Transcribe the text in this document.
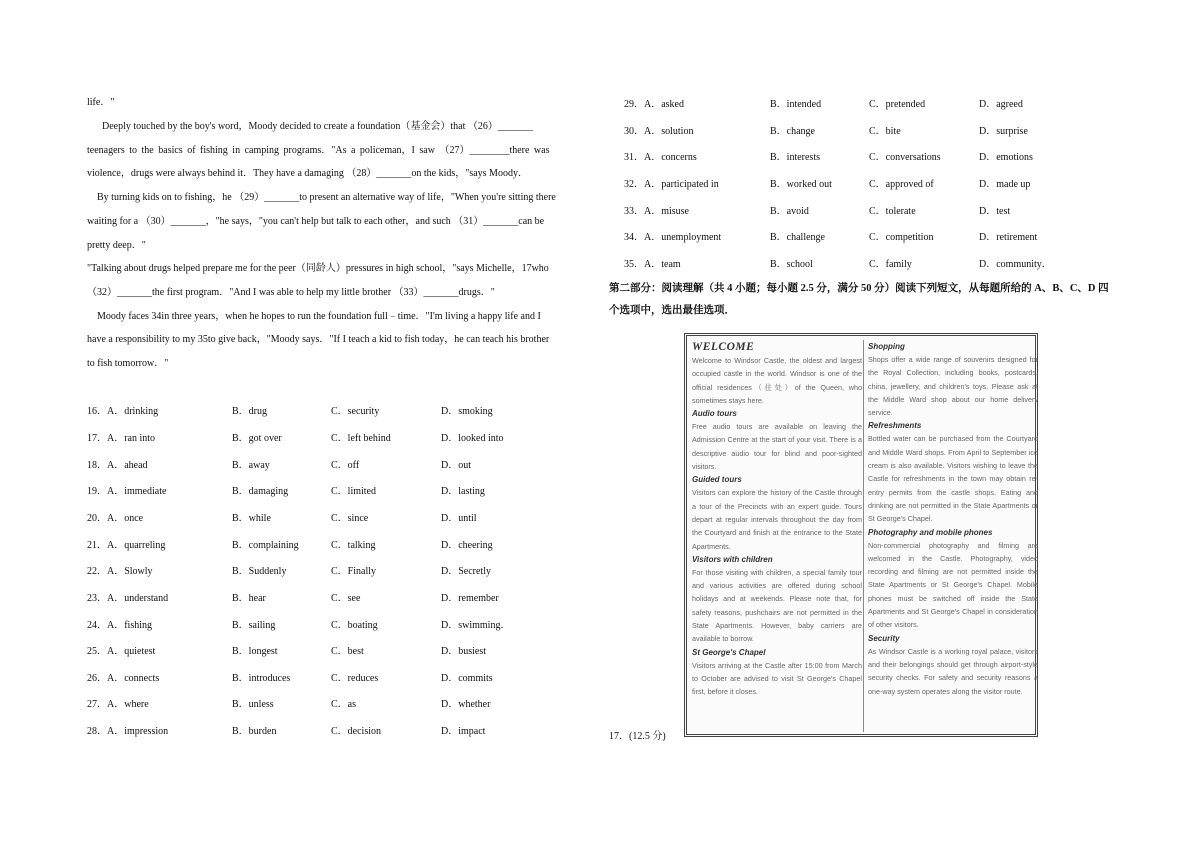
life．"
Deeply touched by the boy's word，Moody decided to create a foundation（基金会）that （26）_______
teenagers to the basics of fishing in camping programs．"As a policeman，I saw （27）________there was
violence，drugs were always behind it．They have a damaging （28）_______on the kids，"says Moody．
By turning kids on to fishing，he （29）_______to present an alternative way of life，"When you're sitting there
waiting for a （30）_______，"he says，"you can't help but talk to each other，and such （31）_______can be
pretty deep．"
"Talking about drugs helped prepare me for the peer（同龄人）pressures in high school，"says Michelle，17who
（32）_______the first program．"And I was able to help my little brother （33）_______drugs．"
Moody faces 34in three years，when he hopes to run the foundation full﹣time．"I'm living a happy life and I
have a responsibility to my 35to give back，"Moody says．"If I teach a kid to fish today，he can teach his brother
to fish tomorrow．"
16． A．drinking	B．drug	C．security	D．smoking
17． A．ran into	B．got over	C．left behind	D．looked into
18． A．ahead	B．away	C．off	D．out
19． A．immediate	B．damaging	C．limited	D．lasting
20． A．once	B．while	C．since	D．until
21． A．quarreling	B．complaining	C．talking	D．cheering
22． A．Slowly	B．Suddenly	C．Finally	D．Secretly
23． A．understand	B．hear	C．see	D．remember
24． A．fishing	B．sailing	C．boating	D．swimming．
25． A．quietest	B．longest	C．best	D．busiest
26． A．connects	B．introduces	C．reduces	D．commits
27． A．where	B．unless	C．as	D．whether
28． A．impression	B．burden	C．decision	D．impact
29． A．asked	B．intended	C．pretended	D．agreed
30． A．solution	B．change	C．bite	D．surprise
31． A．concerns	B．interests	C．conversations	D．emotions
32． A．participated in	B．worked out	C．approved of	D．made up
33． A．misuse	B．avoid	C．tolerate	D．test
34． A．unemployment	B．challenge	C．competition	D．retirement
35． A．team	B．school	C．family	D．community．
第二部分：阅读理解（共 4 小题；每小题 2.5 分，满分 50 分）阅读下列短文，从每题所给的 A、B、C、D 四
个选项中，选出最佳选项．
WELCOME
Welcome to Windsor Castle, the oldest and largest occupied castle in the world. Windsor is one of the official residences（住处）of the Queen, who sometimes stays here.
Audio tours
Free audio tours are available on leaving the Admission Centre at the start of your visit. There is a descriptive audio tour for blind and poor-sighted visitors.
Guided tours
Visitors can explore the history of the Castle through a tour of the Precincts with an expert guide. Tours depart at regular intervals throughout the day from the Courtyard and finish at the entrance to the State Apartments.
Visitors with children
For those visiting with children, a special family tour and various activities are offered during school holidays and at weekends. Please note that, for safety reasons, pushchairs are not permitted in the State Apartments. However, baby carriers are available to borrow.
St George's Chapel
Visitors arriving at the Castle after 15:00 from March to October are advised to visit St George's Chapel first, before it closes.
Shopping
Shops offer a wide range of souvenirs designed for the Royal Collection, including books, postcards, china, jewellery, and children's toys. Please ask at the Middle Ward shop about our home delivery service.
Refreshments
Bottled water can be purchased from the Courtyard and Middle Ward shops. From April to September ice cream is also available. Visitors wishing to leave the Castle for refreshments in the town may obtain re-entry permits from the castle shops. Eating and drinking are not permitted in the State Apartments or St George's Chapel.
Photography and mobile phones
Non-commercial photography and filming are welcomed in the Castle. Photography, video recording and filming are not permitted inside the State Apartments or St George's Chapel. Mobile phones must be switched off inside the State Apartments and St George's Chapel in consideration of other visitors.
Security
As Windsor Castle is a working royal palace, visitors and their belongings should get through airport-style security checks. For safety and security reasons a one-way system operates along the visitor route.
17．(12.5 分)
